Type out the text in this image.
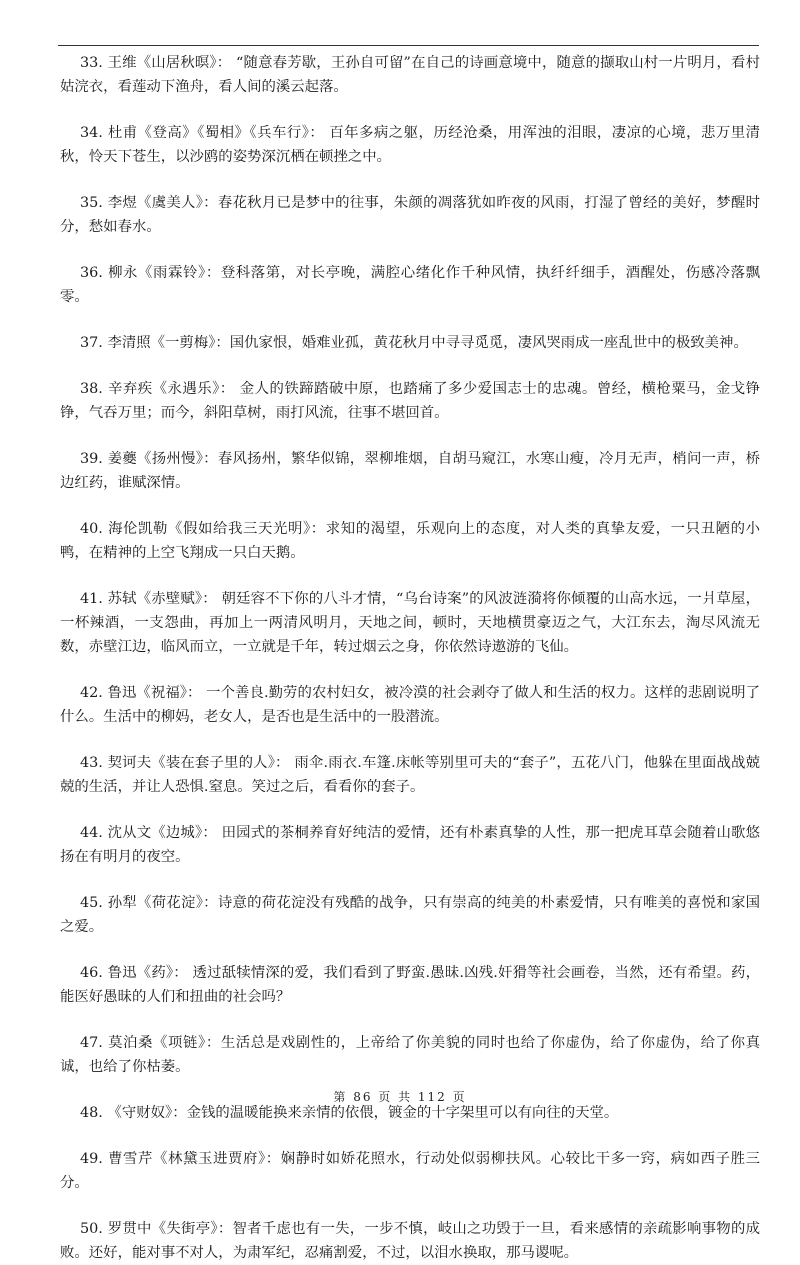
33. 王维《山居秋暝》： “随意春芳歇，王孙自可留”在自己的诗画意境中，随意的撷取山村一片明月，看村姑浣衣，看莲动下渔舟，看人间的溪云起落。

34. 杜甫《登高》《蜀相》《兵车行》： 百年多病之躯，历经沧桑，用浑浊的泪眼，凄凉的心境，悲万里清秋，怜天下苍生，以沙鸥的姿势深沉栖在顿挫之中。

35. 李煜《虞美人》：春花秋月已是梦中的往事，朱颜的凋落犹如昨夜的风雨，打湿了曾经的美好，梦醒时分，愁如春水。

36. 柳永《雨霖铃》：登科落第，对长亭晚，满腔心绪化作千种风情，执纤纤细手，酒醒处，伤感冷落飘零。

37. 李清照《一剪梅》：国仇家恨，婚难业孤，黄花秋月中寻寻觅觅，凄风哭雨成一座乱世中的极致美神。

38. 辛弃疾《永遇乐》： 金人的铁蹄踏破中原，也踏痛了多少爱国志士的忠魂。曾经，横枪粟马，金戈铮铮，气吞万里；而今，斜阳草树，雨打风流，往事不堪回首。

39. 姜夔《扬州慢》：春风扬州，繁华似锦，翠柳堆烟，自胡马窥江，水寒山瘦，冷月无声，梢问一声，桥边红药，谁赋深情。

40. 海伦凯勒《假如给我三天光明》：求知的渴望，乐观向上的态度，对人类的真挚友爱，一只丑陋的小鸭，在精神的上空飞翔成一只白天鹅。

41. 苏轼《赤壁赋》： 朝廷容不下你的八斗才情，“乌台诗案”的风波涟漪将你倾覆的山高水远，一爿草屋，一杯辣酒，一支怨曲，再加上一两清风明月，天地之间，顿时，天地横贯豪迈之气，大江东去，淘尽风流无数，赤壁江边，临风而立，一立就是千年，转过烟云之身，你依然诗遨游的飞仙。

42. 鲁迅《祝福》： 一个善良.勤劳的农村妇女，被冷漠的社会剥夺了做人和生活的权力。这样的悲剧说明了什么。生活中的柳妈，老女人，是否也是生活中的一股潜流。

43. 契诃夫《装在套子里的人》： 雨伞.雨衣.车篷.床帐等别里可夫的“套子”，五花八门，他躲在里面战战兢兢的生活，并让人恐惧.窒息。笑过之后，看看你的套子。

44. 沈从文《边城》： 田园式的茶桐养育好纯洁的爱情，还有朴素真挚的人性，那一把虎耳草会随着山歌悠扬在有明月的夜空。

45. 孙犁《荷花淀》：诗意的荷花淀没有残酷的战争，只有崇高的纯美的朴素爱情，只有唯美的喜悦和家国之爱。

46. 鲁迅《药》： 透过舐犊情深的爱，我们看到了野蛮.愚昧.凶残.奸猾等社会画卷，当然，还有希望。药，能医好愚昧的人们和扭曲的社会吗？

47. 莫泊桑《项链》：生活总是戏剧性的，上帝给了你美貌的同时也给了你虚伪，给了你虚伪，给了你真诚，也给了你枯萎。

48. 《守财奴》：金钱的温暖能换来亲情的依偎，镀金的十字架里可以有向往的天堂。

49. 曹雪芹《林黛玉进贾府》：娴静时如娇花照水，行动处似弱柳扶风。心较比干多一窍，病如西子胜三分。

50. 罗贯中《失街亭》：智者千虑也有一失，一步不慎，岐山之功毁于一旦，看来感情的亲疏影响事物的成败。还好，能对事不对人，为肃军纪，忍痛割爱，不过，以泪水换取，那马谡呢。

第 86 页 共 112 页
